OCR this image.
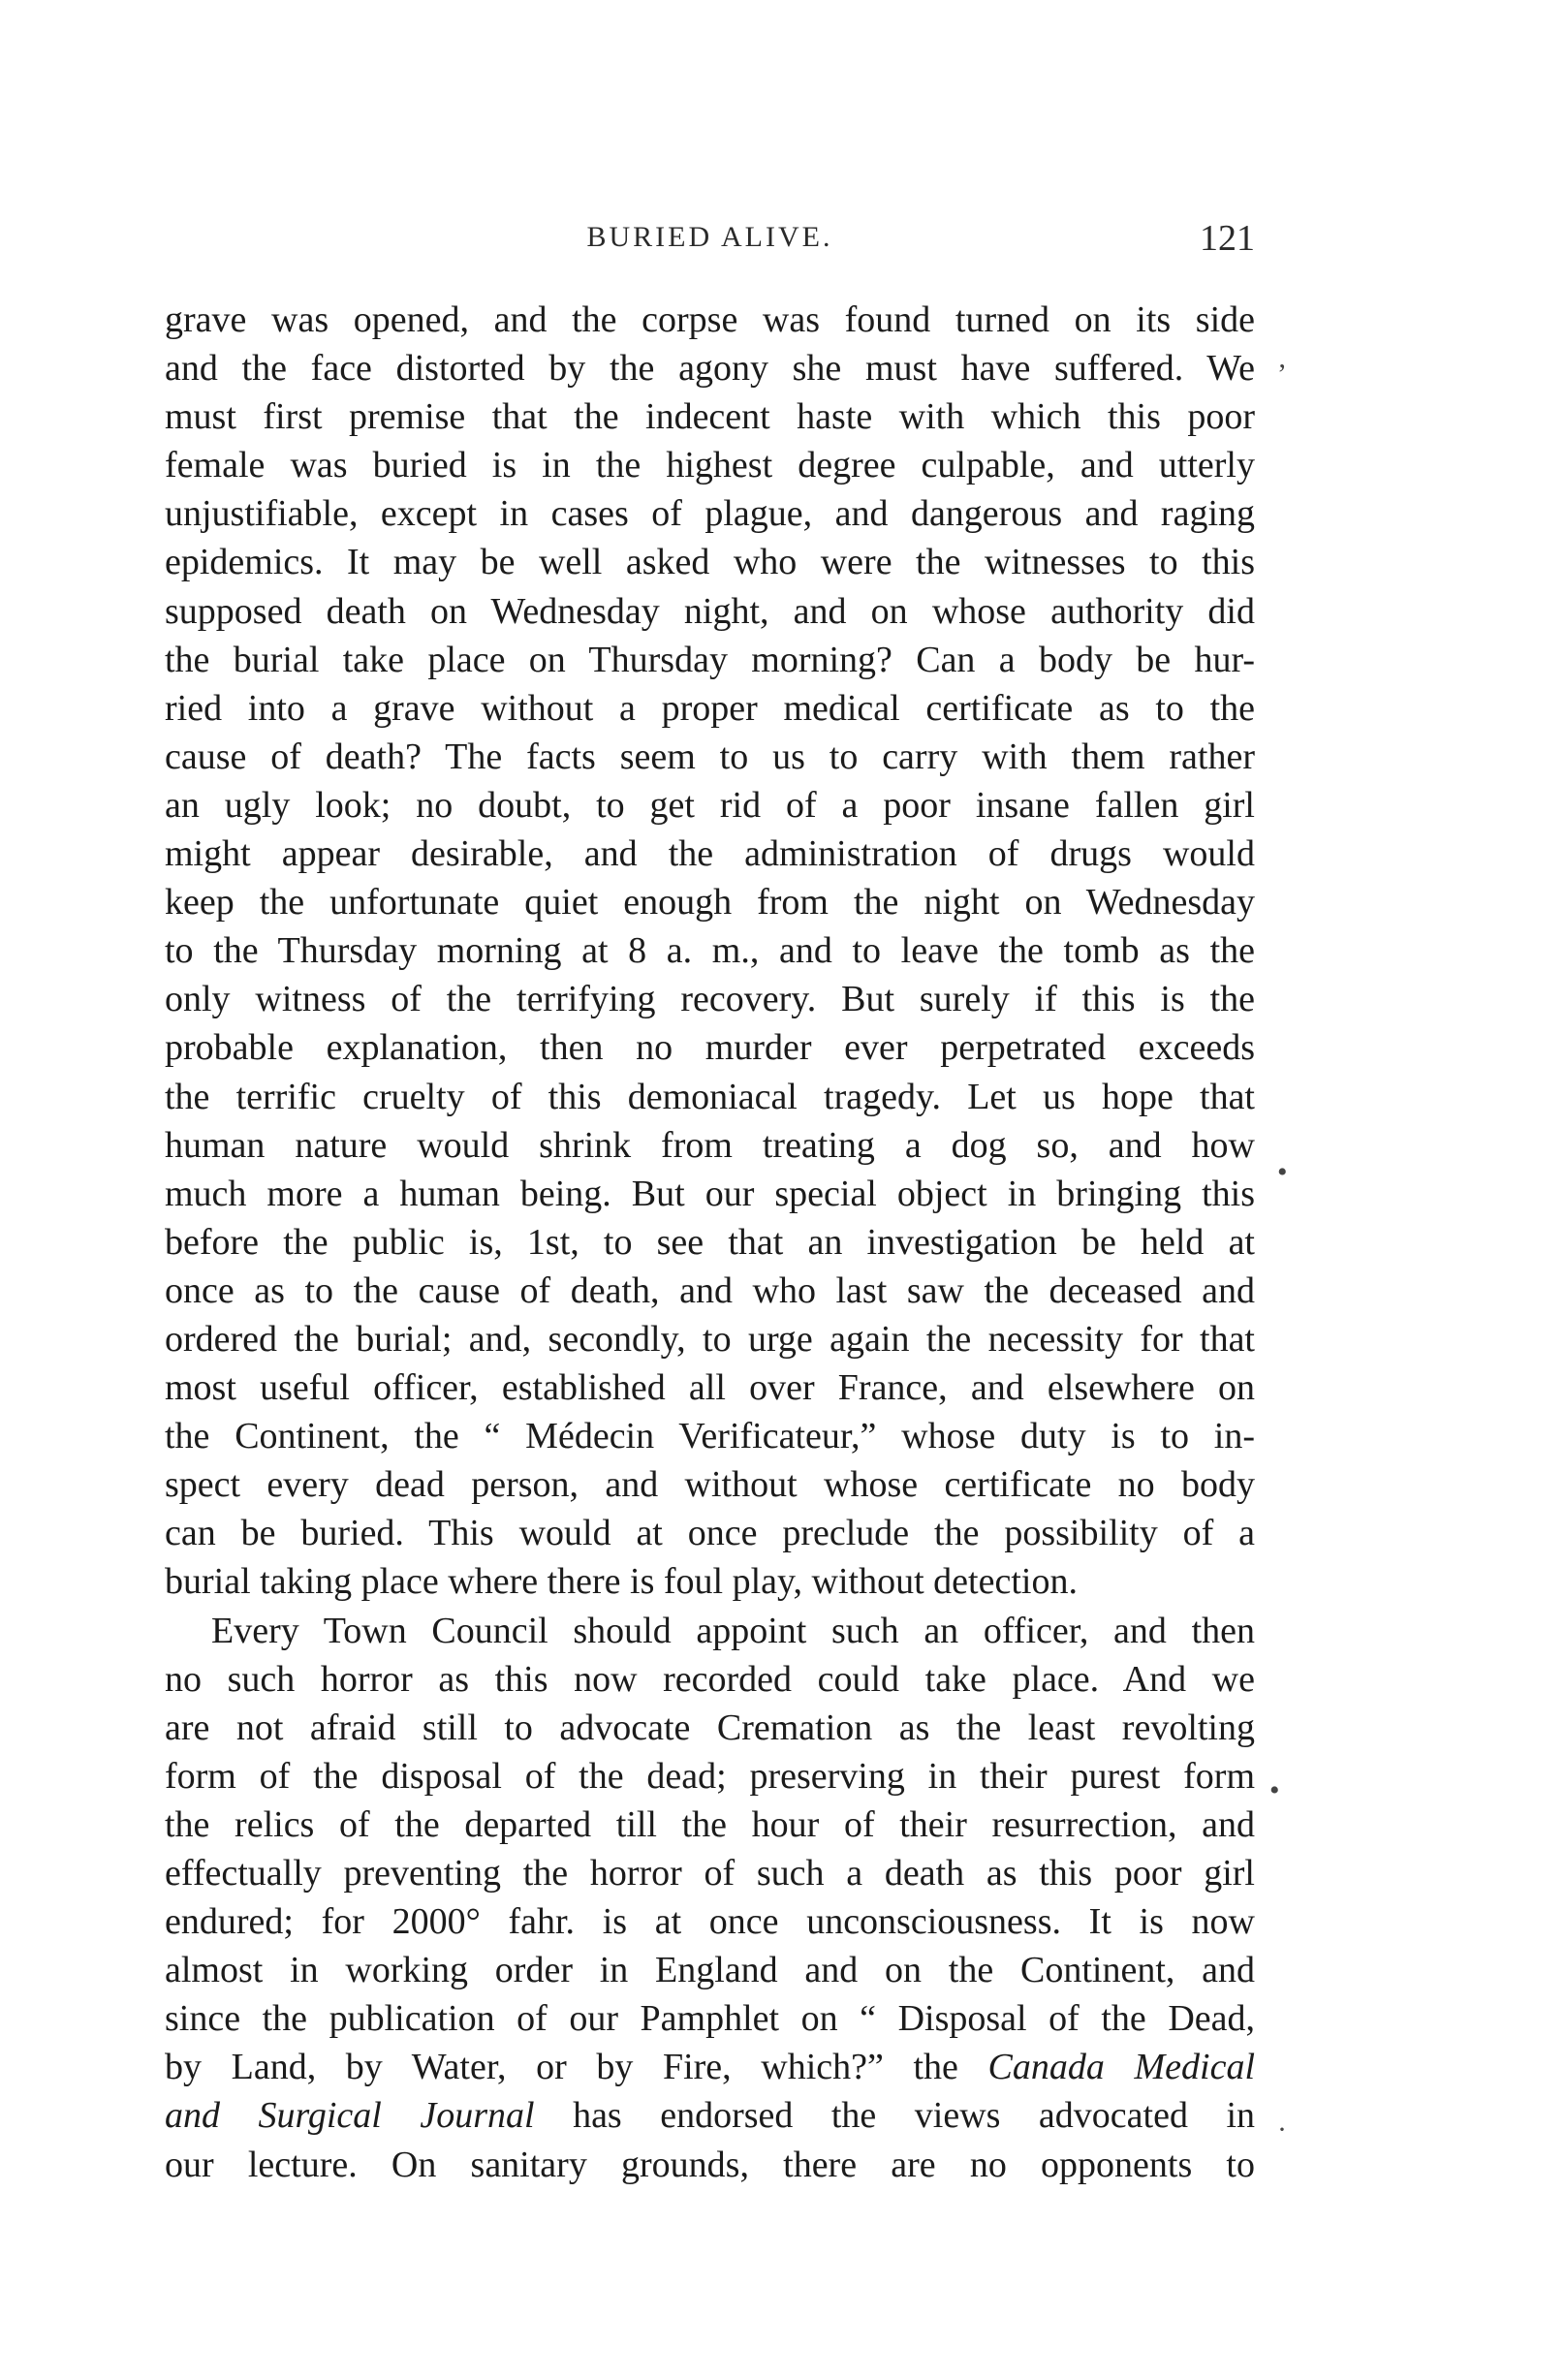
BURIED ALIVE.	121
grave was opened, and the corpse was found turned on its side
and the face distorted by the agony she must have suffered. We
must first premise that the indecent haste with which this poor
female was buried is in the highest degree culpable, and utterly
unjustifiable, except in cases of plague, and dangerous and raging
epidemics. It may be well asked who were the witnesses to this
supposed death on Wednesday night, and on whose authority did
the burial take place on Thursday morning? Can a body be hur-
ried into a grave without a proper medical certificate as to the
cause of death? The facts seem to us to carry with them rather
an ugly look; no doubt, to get rid of a poor insane fallen girl
might appear desirable, and the administration of drugs would
keep the unfortunate quiet enough from the night on Wednesday
to the Thursday morning at 8 a. m., and to leave the tomb as the
only witness of the terrifying recovery. But surely if this is the
probable explanation, then no murder ever perpetrated exceeds
the terrific cruelty of this demoniacal tragedy. Let us hope that
human nature would shrink from treating a dog so, and how
much more a human being. But our special object in bringing this
before the public is, 1st, to see that an investigation be held at
once as to the cause of death, and who last saw the deceased and
ordered the burial; and, secondly, to urge again the necessity for that
most useful officer, established all over France, and elsewhere on
the Continent, the “ Médecin Verificateur,” whose duty is to in-
spect every dead person, and without whose certificate no body
can be buried. This would at once preclude the possibility of a
burial taking place where there is foul play, without detection.
Every Town Council should appoint such an officer, and then
no such horror as this now recorded could take place. And we
are not afraid still to advocate Cremation as the least revolting
form of the disposal of the dead; preserving in their purest form
the relics of the departed till the hour of their resurrection, and
effectually preventing the horror of such a death as this poor girl
endured; for 2000° fahr. is at once unconsciousness. It is now
almost in working order in England and on the Continent, and
since the publication of our Pamphlet on “ Disposal of the Dead,
by Land, by Water, or by Fire, which?” the Canada Medical
and Surgical Journal has endorsed the views advocated in
our lecture. On sanitary grounds, there are no opponents to
‚
•
•
·
